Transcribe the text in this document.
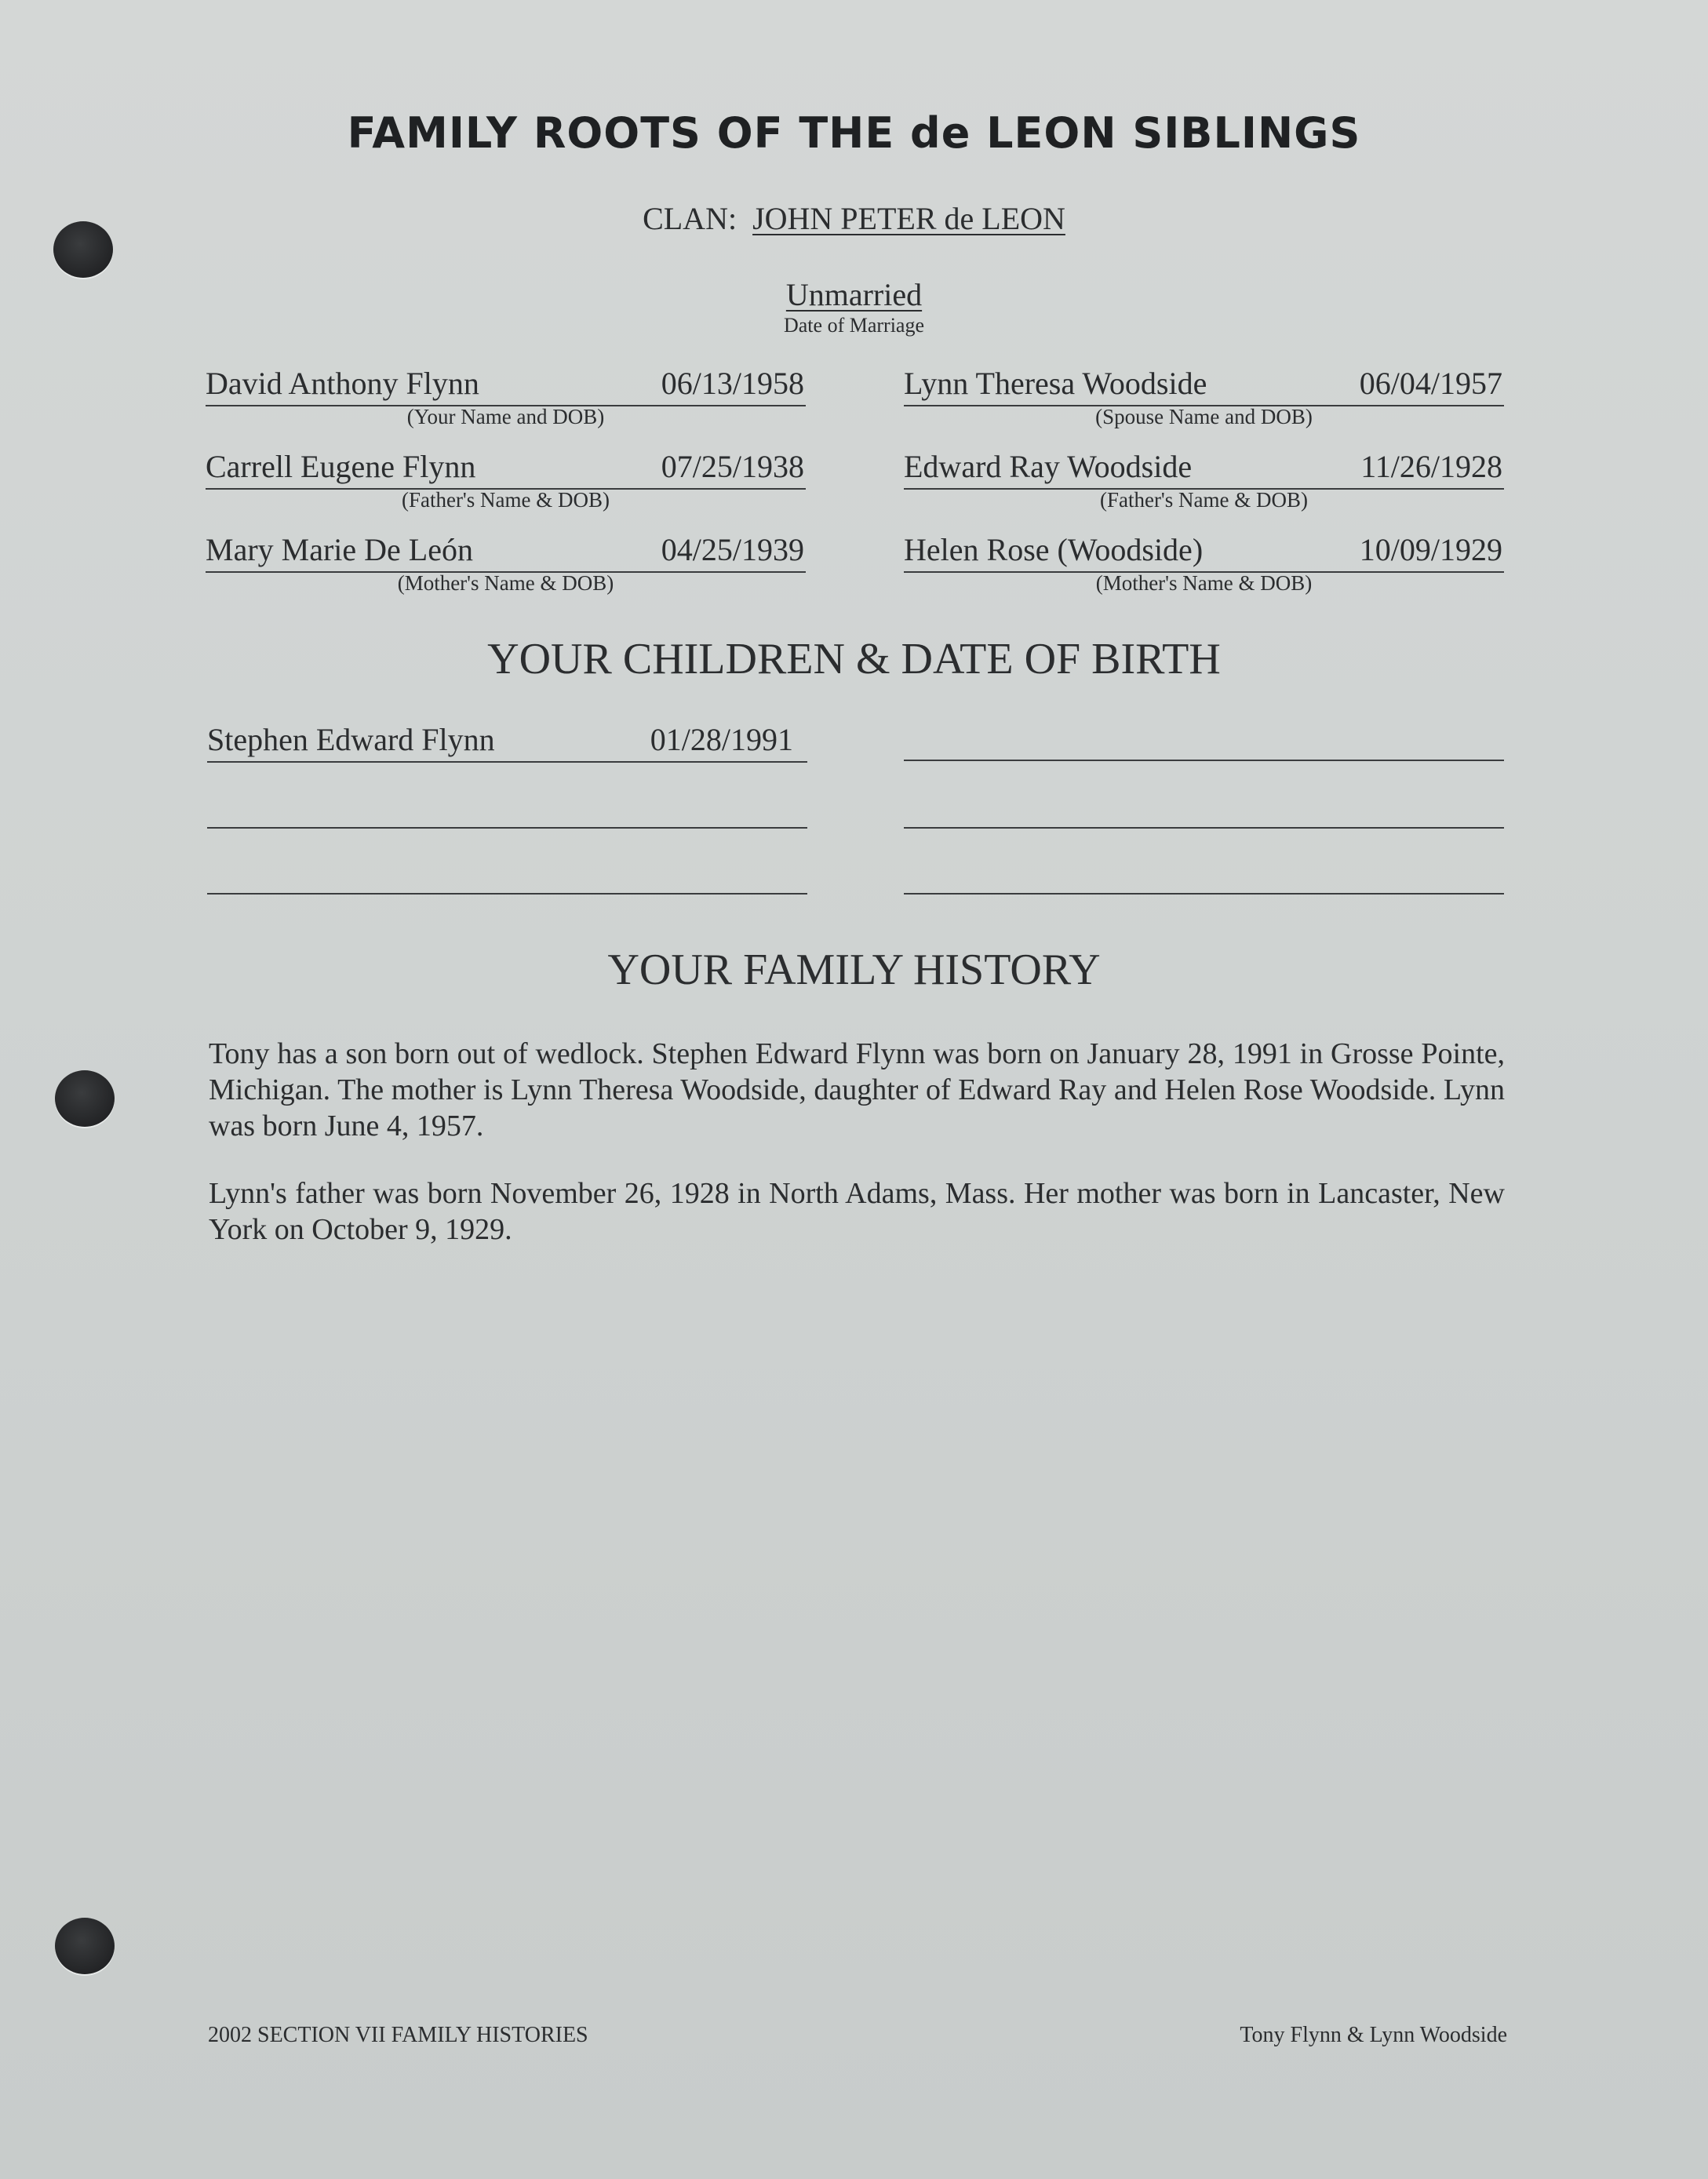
FAMILY ROOTS OF THE de LEON SIBLINGS
CLAN: JOHN PETER de LEON
Unmarried
Date of Marriage
David Anthony Flynn	06/13/1958
(Your Name and DOB)
Lynn Theresa Woodside	06/04/1957
(Spouse Name and DOB)
Carrell Eugene Flynn	07/25/1938
(Father's Name & DOB)
Edward Ray Woodside	11/26/1928
(Father's Name & DOB)
Mary Marie De León	04/25/1939
(Mother's Name & DOB)
Helen Rose (Woodside)	10/09/1929
(Mother's Name & DOB)
YOUR CHILDREN & DATE OF BIRTH
Stephen Edward Flynn	01/28/1991
YOUR FAMILY HISTORY
Tony has a son born out of wedlock. Stephen Edward Flynn was born on January 28, 1991 in Grosse Pointe, Michigan. The mother is Lynn Theresa Woodside, daughter of Edward Ray and Helen Rose Woodside. Lynn was born June 4, 1957.
Lynn's father was born November 26, 1928 in North Adams, Mass. Her mother was born in Lancaster, New York on October 9, 1929.
2002 SECTION VII FAMILY HISTORIES	Tony Flynn & Lynn Woodside
